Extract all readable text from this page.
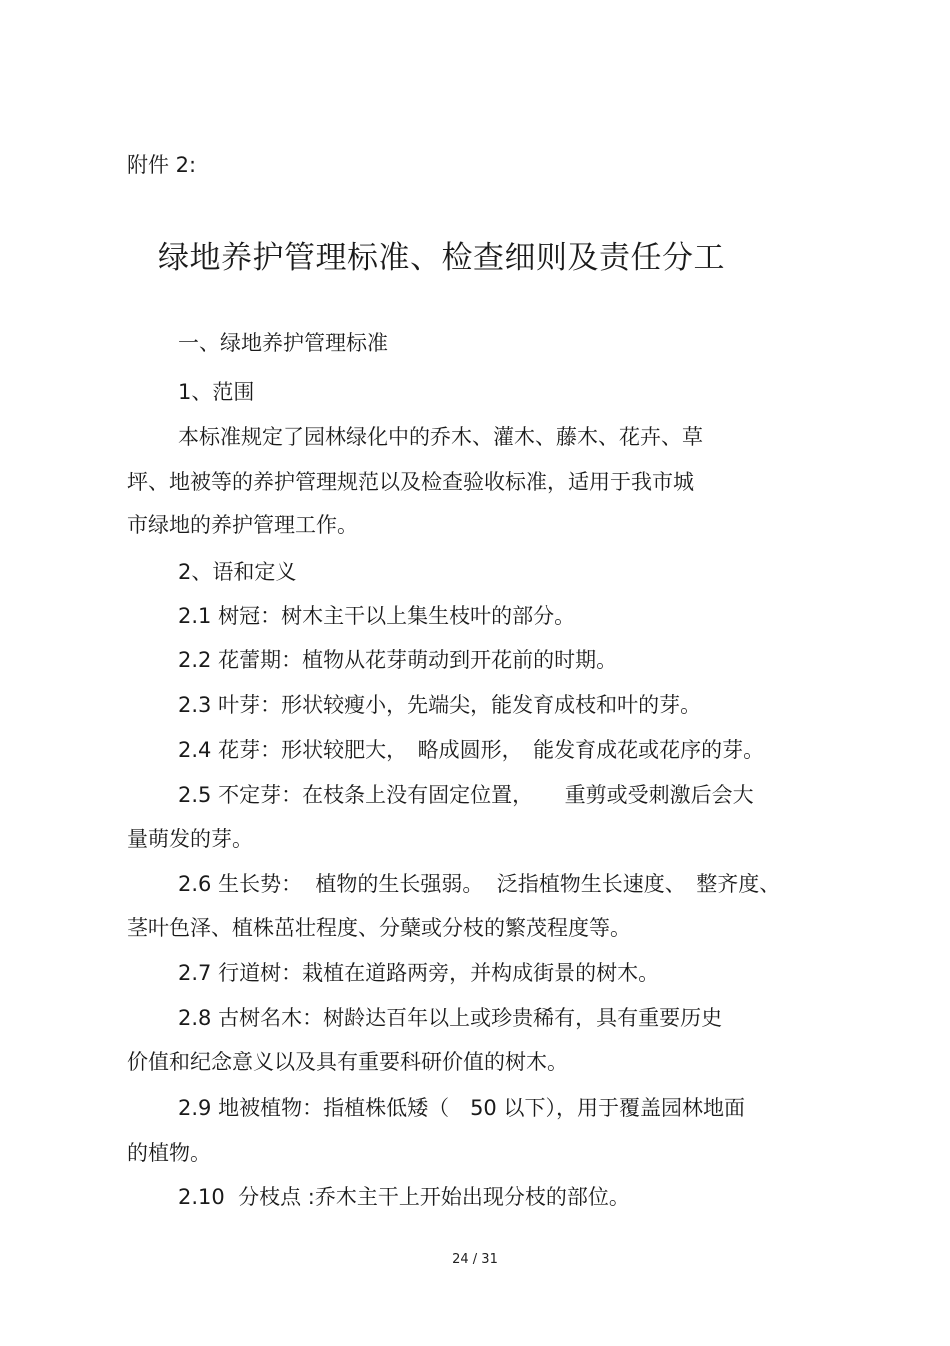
附件 2:
绿地养护管理标准、检查细则及责任分工
一、绿地养护管理标准
1、范围
本标准规定了园林绿化中的乔木、灌木、藤木、花卉、草
坪、地被等的养护管理规范以及检查验收标准，适用于我市城
市绿地的养护管理工作。
2、语和定义
2.1 树冠：树木主干以上集生枝叶的部分。
2.2 花蕾期：植物从花芽萌动到开花前的时期。
2.3 叶芽：形状较瘦小，先端尖，能发育成枝和叶的芽。
2.4 花芽：形状较肥大，　略成圆形，　能发育成花或花序的芽。
2.5 不定芽：在枝条上没有固定位置，　　重剪或受刺激后会大
量萌发的芽。
2.6 生长势：  植物的生长强弱。  泛指植物生长速度、　整齐度、
茎叶色泽、植株茁壮程度、分蘖或分枝的繁茂程度等。
2.7 行道树：栽植在道路两旁，并构成街景的树木。
2.8 古树名木：树龄达百年以上或珍贵稀有，具有重要历史
价值和纪念意义以及具有重要科研价值的树木。
2.9 地被植物：指植株低矮（　50 以下），用于覆盖园林地面
的植物。
2.10  分枝点 :乔木主干上开始出现分枝的部位。
24 / 31
